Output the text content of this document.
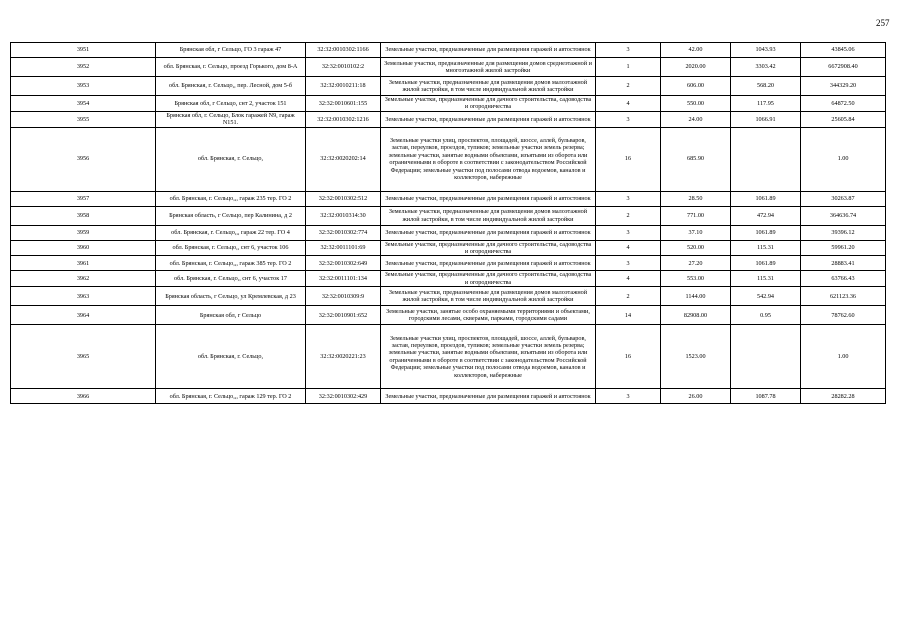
257
3951	Брянская обл, г Сельцо, ГО 3 гараж 47	32:32:0010302:1166	Земельные участки, предназначенные для размещения гаражей и автостоянок	3	42.00	1043.93	43845.06
3952	обл. Брянская, г. Сельцо, проезд Горького, дом 8-А	32:32:0010102:2	Земельные участки, предназначенные для размещения домов среднеэтажной и многоэтажной жилой застройки	1	2020.00	3303.42	6672908.40
3953	обл. Брянская, г. Сельцо,, пер. Лесной, дом 5-б	32:32:0010211:18	Земельные участки, предназначенные для размещения домов малоэтажной жилой застройки, в том числе индивидуальной жилой застройки	2	606.00	568.20	344329.20
3954	Брянская обл, г Сельцо, снт 2, участок 151	32:32:0010601:155	Земельные участки, предназначенные для дачного строительства, садоводства и огородничества	4	550.00	117.95	64872.50
3955	Брянская обл, г. Сельцо, Блок гаражей N9, гараж N151.	32:32:0010302:1216	Земельные участки, предназначенные для размещения гаражей и автостоянок	3	24.00	1066.91	25605.84
3956	обл. Брянская, г. Сельцо,	32:32:0020202:14	Земельные участки улиц, проспектов, площадей, шоссе, аллей, бульваров, застав, переулков, проездов, тупиков; земельные участки земель резерва; земельные участки, занятые водными объектами, изъятыми из оборота или ограниченными в обороте в соответствии с законодательством Российской Федерации; земельные участки под полосами отвода водоемов, каналов и коллекторов, набережные	16	685.90		1.00
3957	обл. Брянская, г. Сельцо,,, гараж 235 тер. ГО 2	32:32:0010302:512	Земельные участки, предназначенные для размещения гаражей и автостоянок	3	28.50	1061.89	30263.87
3958	Брянская область, г Сельцо, пер Калинина, д 2	32:32:0010314:30	Земельные участки, предназначенные для размещения домов малоэтажной жилой застройки, в том числе индивидуальной жилой застройки	2	771.00	472.94	364636.74
3959	обл. Брянская, г. Сельцо,,, гараж 22 тер. ГО 4	32:32:0010302:774	Земельные участки, предназначенные для размещения гаражей и автостоянок	3	37.10	1061.89	39396.12
3960	обл. Брянская, г. Сельцо,, снт 6, участок 106	32:32:0011101:69	Земельные участки, предназначенные для дачного строительства, садоводства и огородничества	4	520.00	115.31	59961.20
3961	обл. Брянская, г. Сельцо,,, гараж 385 тер. ГО 2	32:32:0010302:649	Земельные участки, предназначенные для размещения гаражей и автостоянок	3	27.20	1061.89	28883.41
3962	обл. Брянская, г. Сельцо,, снт 6, участок 17	32:32:0011101:134	Земельные участки, предназначенные для дачного строительства, садоводства и огородничества	4	553.00	115.31	63766.43
3963	Брянская область, г Сельцо, ул Кремлевская, д 23	32:32:0010309:9	Земельные участки, предназначенные для размещения домов малоэтажной жилой застройки, в том числе индивидуальной жилой застройки	2	1144.00	542.94	621123.36
3964	Брянская обл, г Сельцо	32:32:0010901:652	Земельные участки, занятые особо охраняемыми территориями и объектами, городскими лесами, скверами, парками, городскими садами	14	82908.00	0.95	78762.60
3965	обл. Брянская, г. Сельцо,	32:32:0020221:23	Земельные участки улиц, проспектов, площадей, шоссе, аллей, бульваров, застав, переулков, проездов, тупиков; земельные участки земель резерва; земельные участки, занятые водными объектами, изъятыми из оборота или ограниченными в обороте в соответствии с законодательством Российской Федерации; земельные участки под полосами отвода водоемов, каналов и коллекторов, набережные	16	1523.00		1.00
3966	обл. Брянская, г. Сельцо,,, гараж 129 тер. ГО 2	32:32:0010302:429	Земельные участки, предназначенные для размещения гаражей и автостоянок	3	26.00	1087.78	28282.28
